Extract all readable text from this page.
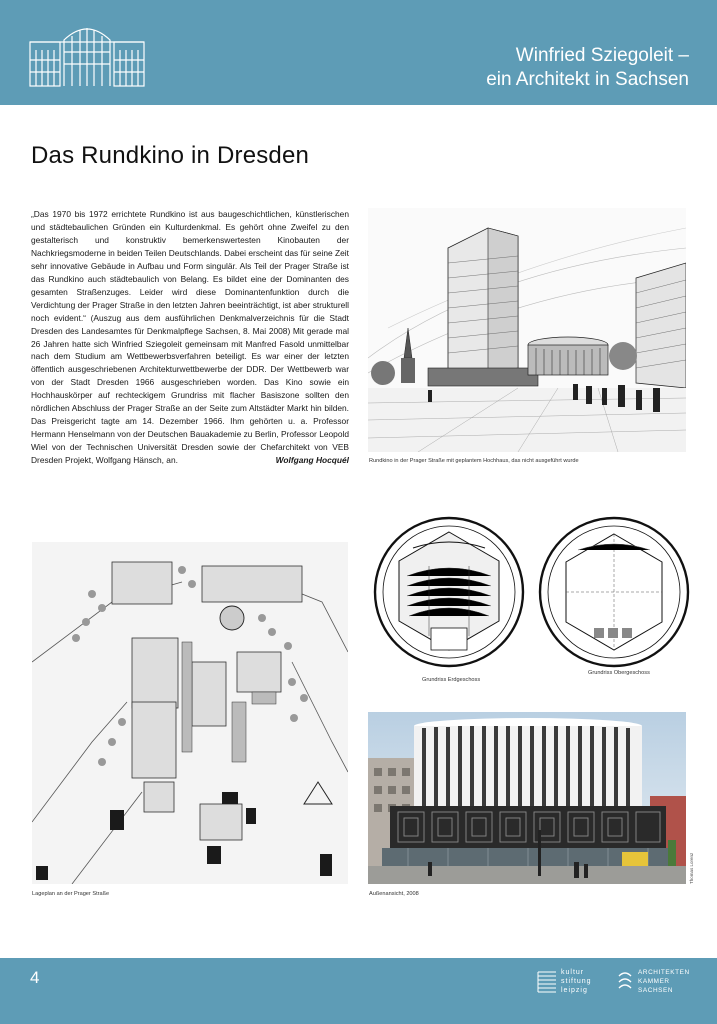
Winfried Sziegoleit –
ein Architekt in Sachsen
Das Rundkino in Dresden

„Das 1970 bis 1972 errichtete Rundkino ist aus baugeschichtlichen, künstlerischen und städtebaulichen Gründen ein Kulturdenkmal. Es gehört ohne Zweifel zu den gestalterisch und konstruktiv bemerkenswertesten Kinobauten der Nachkriegsmoderne in beiden Teilen Deutschlands. Dabei erscheint das für seine Zeit sehr innovative Gebäude in Aufbau und Form singulär. Als Teil der Prager Straße ist das Rundkino auch städtebaulich von Belang. Es bildet eine der Dominanten des gesamten Straßenzuges. Leider wird diese Dominantenfunktion durch die Verdichtung der Prager Straße in den letzten Jahren beeinträchtigt, ist aber strukturell noch evident.“ (Auszug aus dem ausführlichen Denkmalverzeichnis für die Stadt Dresden des Landesamtes für Denkmalpflege Sachsen, 8. Mai 2008) Mit gerade mal 26 Jahren hatte sich Winfried Sziegoleit gemeinsam mit Manfred Fasold unmittelbar nach dem Studium am Wettbewerbsverfahren beteiligt. Es war einer der letzten öffentlich ausgeschriebenen Architekturwettbewerbe der DDR. Der Wettbewerb war von der Stadt Dresden 1966 ausgeschrieben worden. Das Kino sowie ein Hochhauskörper auf rechteckigem Grundriss mit flacher Basiszone sollten den nördlichen Abschluss der Prager Straße an der Seite zum Altstädter Markt hin bilden. Das Preisgericht tagte am 14. Dezember 1966. Ihm gehörten u. a. Professor Hermann Henselmann von der Deutschen Bauakademie zu Berlin, Professor Leopold Wiel von der Technischen Universität Dresden sowie der Chefarchitekt von VEB Dresden Projekt, Wolfgang Hänsch, an.	Wolfgang Hocquél	Rundkino in der Prager Straße mit geplantem Hochhaus, das nicht ausgeführt wurde
Grundriss Erdgeschoss
Grundriss Obergeschoss
Lageplan an der Prager Straße	Außenansicht, 2008
Thomas Lorenz
4	kultur
stiftung
leipzig
ARCHITEKTEN
KAMMER
SACHSEN
